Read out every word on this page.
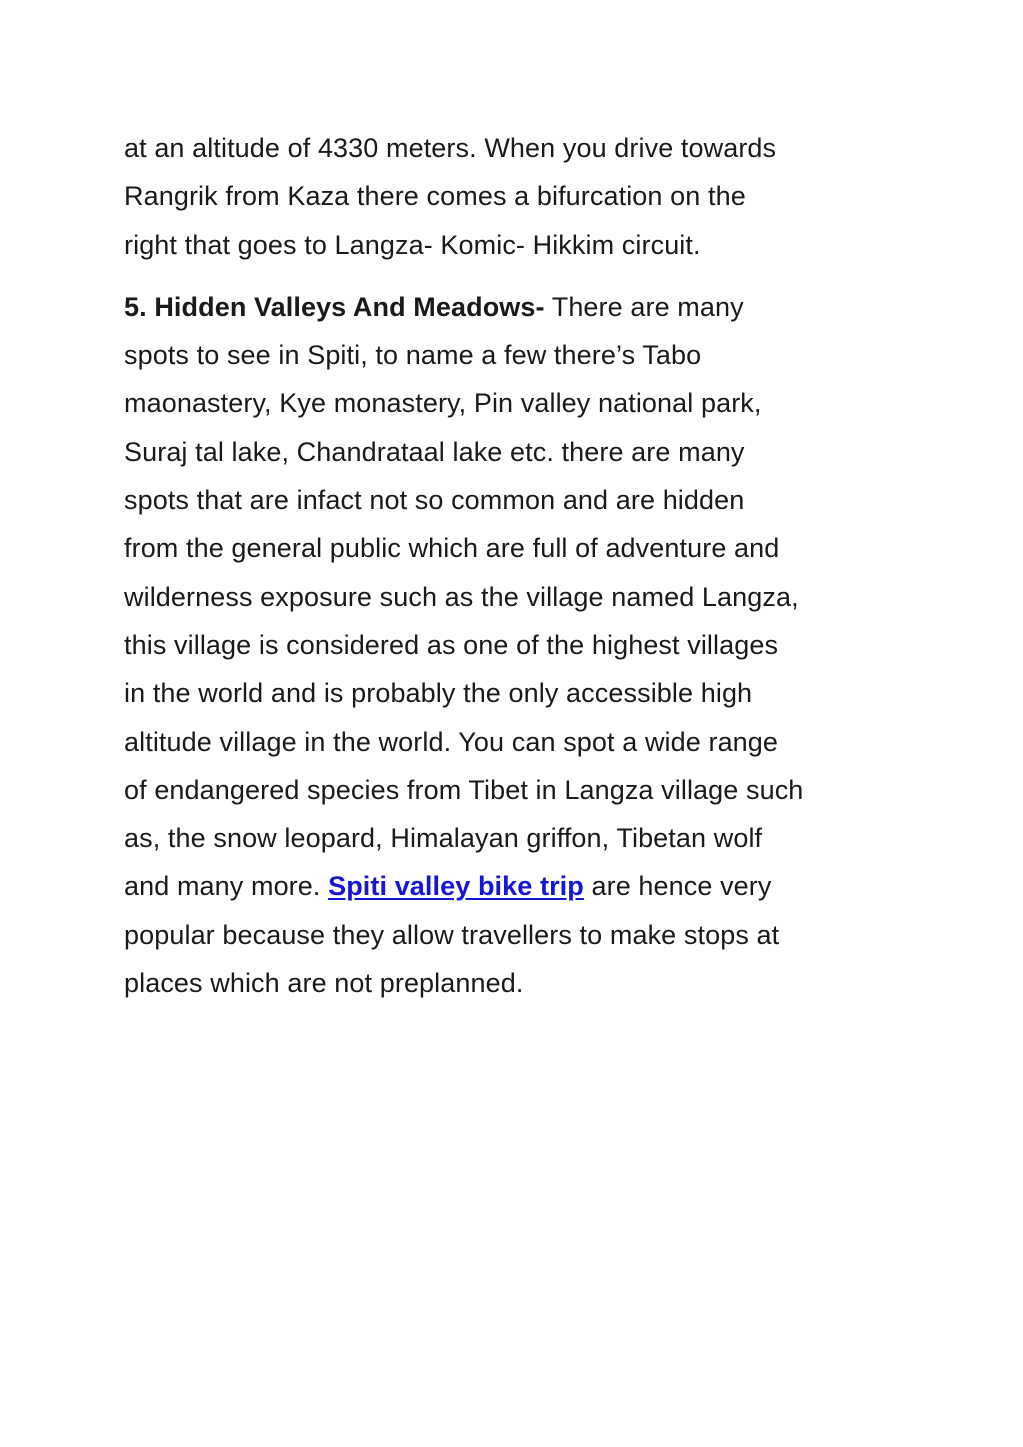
at an altitude of 4330 meters. When you drive towards
Rangrik from Kaza there comes a bifurcation on the
right that goes to Langza- Komic- Hikkim circuit.

5. Hidden Valleys And Meadows- There are many
spots to see in Spiti, to name a few there’s Tabo
maonastery, Kye monastery, Pin valley national park,
Suraj tal lake, Chandrataal lake etc. there are many
spots that are infact not so common and are hidden
from the general public which are full of adventure and
wilderness exposure such as the village named Langza,
this village is considered as one of the highest villages
in the world and is probably the only accessible high
altitude village in the world. You can spot a wide range
of endangered species from Tibet in Langza village such
as, the snow leopard, Himalayan griffon, Tibetan wolf
and many more. Spiti valley bike trip are hence very
popular because they allow travellers to make stops at
places which are not preplanned.
